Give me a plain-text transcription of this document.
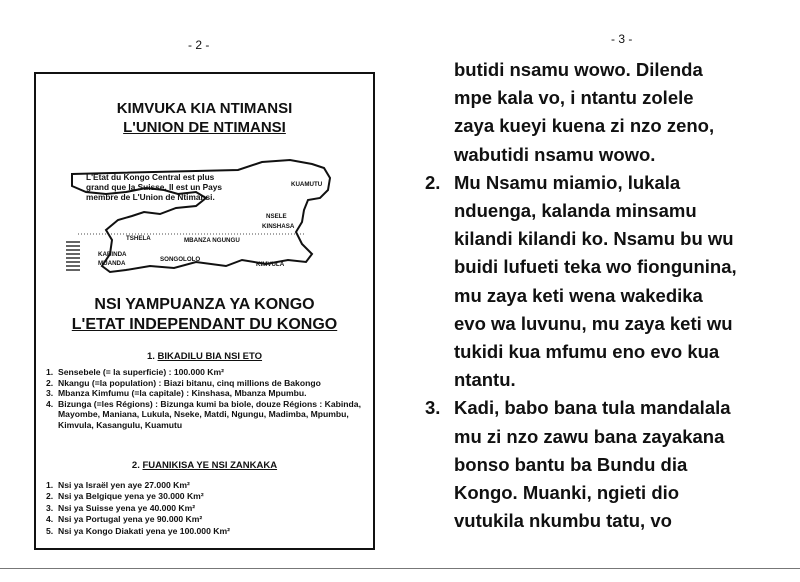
- 2 -	- 3 -
KIMVUKA KIA NTIMANSI
L'UNION DE NTIMANSI
L'Etat du Kongo Central est plus
grand que la Suisse. Il est un Pays
membre de L'Union de Ntimansi.
KUAMUTU
NSELE
KINSHASA
TSHELA	MBANZA NGUNGU
KABINDA
MUANDA
SONGOLOLO
KIMVULA
NSI YAMPUANZA YA KONGO
L'ETAT INDEPENDANT DU KONGO
1. BIKADILU BIA NSI ETO
1. Sensebele (= la superficie) : 100.000 Km²
2. Nkangu (=la population) : Biazi bitanu, cinq millions de Bakongo
3. Mbanza Kimfumu (=la capitale) : Kinshasa, Mbanza Mpumbu.
4. Bizunga (=les Régions) : Bizunga kumi ba biole, douze Régions : Kabinda, Mayombe, Maniana, Lukula, Nseke, Matdi, Ngungu, Madimba, Mpumbu, Kimvula, Kasangulu, Kuamutu
2. FUANIKISA YE NSI ZANKAKA
1. Nsi ya Israël yen aye 27.000 Km²
2. Nsi ya Belgique yena ye 30.000 Km²
3. Nsi ya Suisse yena ye 40.000 Km²
4. Nsi ya Portugal yena ye 90.000 Km²
5. Nsi ya Kongo Diakati yena ye 100.000 Km²
butidi nsamu wowo. Dilenda
mpe kala vo, i ntantu zolele
zaya kueyi kuena zi nzo zeno,
wabutidi nsamu wowo.
2. Mu Nsamu miamio, lukala
nduenga, kalanda minsamu
kilandi kilandi ko. Nsamu bu wu
buidi lufueti teka wo fiongunina,
mu zaya keti wena wakedika
evo wa luvunu, mu zaya keti wu
tukidi kua mfumu eno evo kua
ntantu.
3. Kadi, babo bana tula mandalala
mu zi nzo zawu bana zayakana
bonso bantu ba Bundu dia
Kongo. Muanki, ngieti dio
vutukila nkumbu tatu, vo
